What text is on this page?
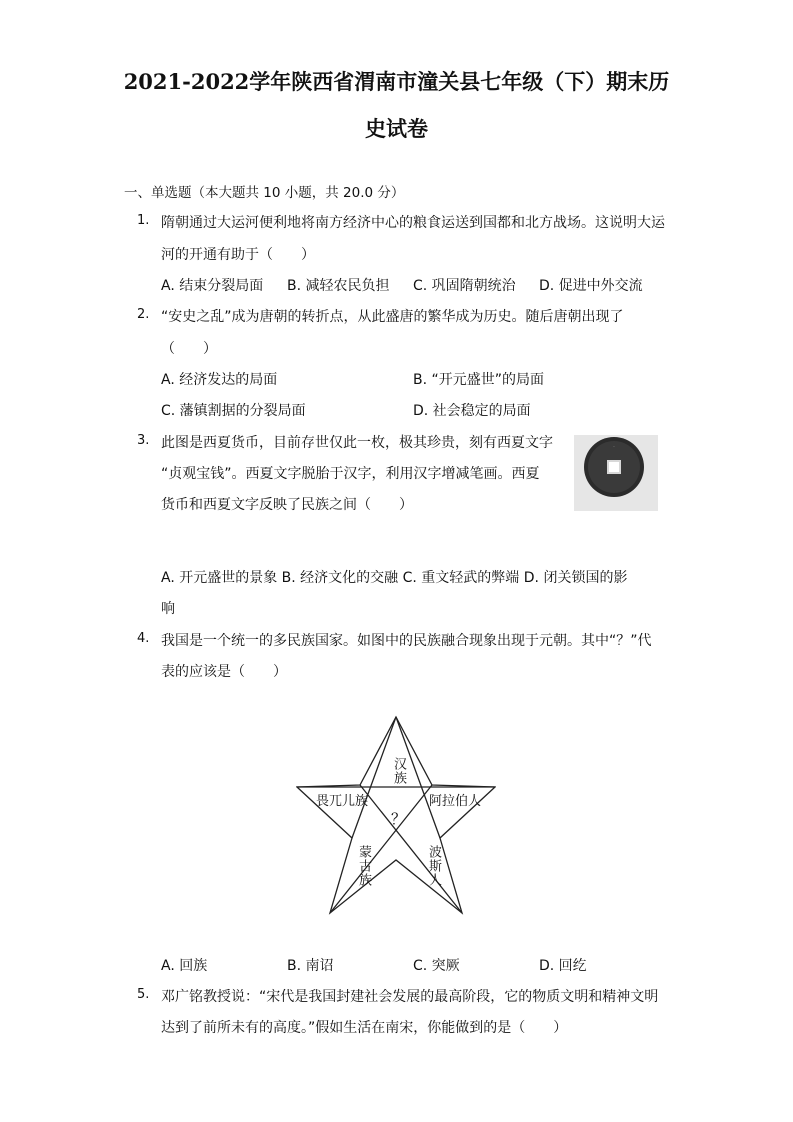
2021-2022学年陕西省渭南市潼关县七年级（下）期末历
史试卷
一、单选题（本大题共 10 小题，共 20.0 分）
1. 隋朝通过大运河便利地将南方经济中心的粮食运送到国都和北方战场。这说明大运
河的开通有助于（　　）
A. 结束分裂局面 B. 减轻农民负担 C. 巩固隋朝统治 D. 促进中外交流
2. “安史之乱”成为唐朝的转折点，从此盛唐的繁华成为历史。随后唐朝出现了
（　　）
A. 经济发达的局面	B. “开元盛世”的局面
C. 藩镇割据的分裂局面	D. 社会稳定的局面
3. 此图是西夏货币，目前存世仅此一枚，极其珍贵，刻有西夏文字
“贞观宝钱”。西夏文字脱胎于汉字，利用汉字增减笔画。西夏
货币和西夏文字反映了民族之间（　　）
·
A. 开元盛世的景象 B. 经济文化的交融 C. 重文轻武的弊端 D. 闭关锁国的影
响
4. 我国是一个统一的多民族国家。如图中的民族融合现象出现于元朝。其中“？”代
表的应该是（　　）
汉族
畏兀儿族	阿拉伯人
蒙古族	波斯人
？
A. 回族	B. 南诏	C. 突厥	D. 回纥
5. 邓广铭教授说：“宋代是我国封建社会发展的最高阶段，它的物质文明和精神文明
达到了前所未有的高度。”假如生活在南宋，你能做到的是（　　）
